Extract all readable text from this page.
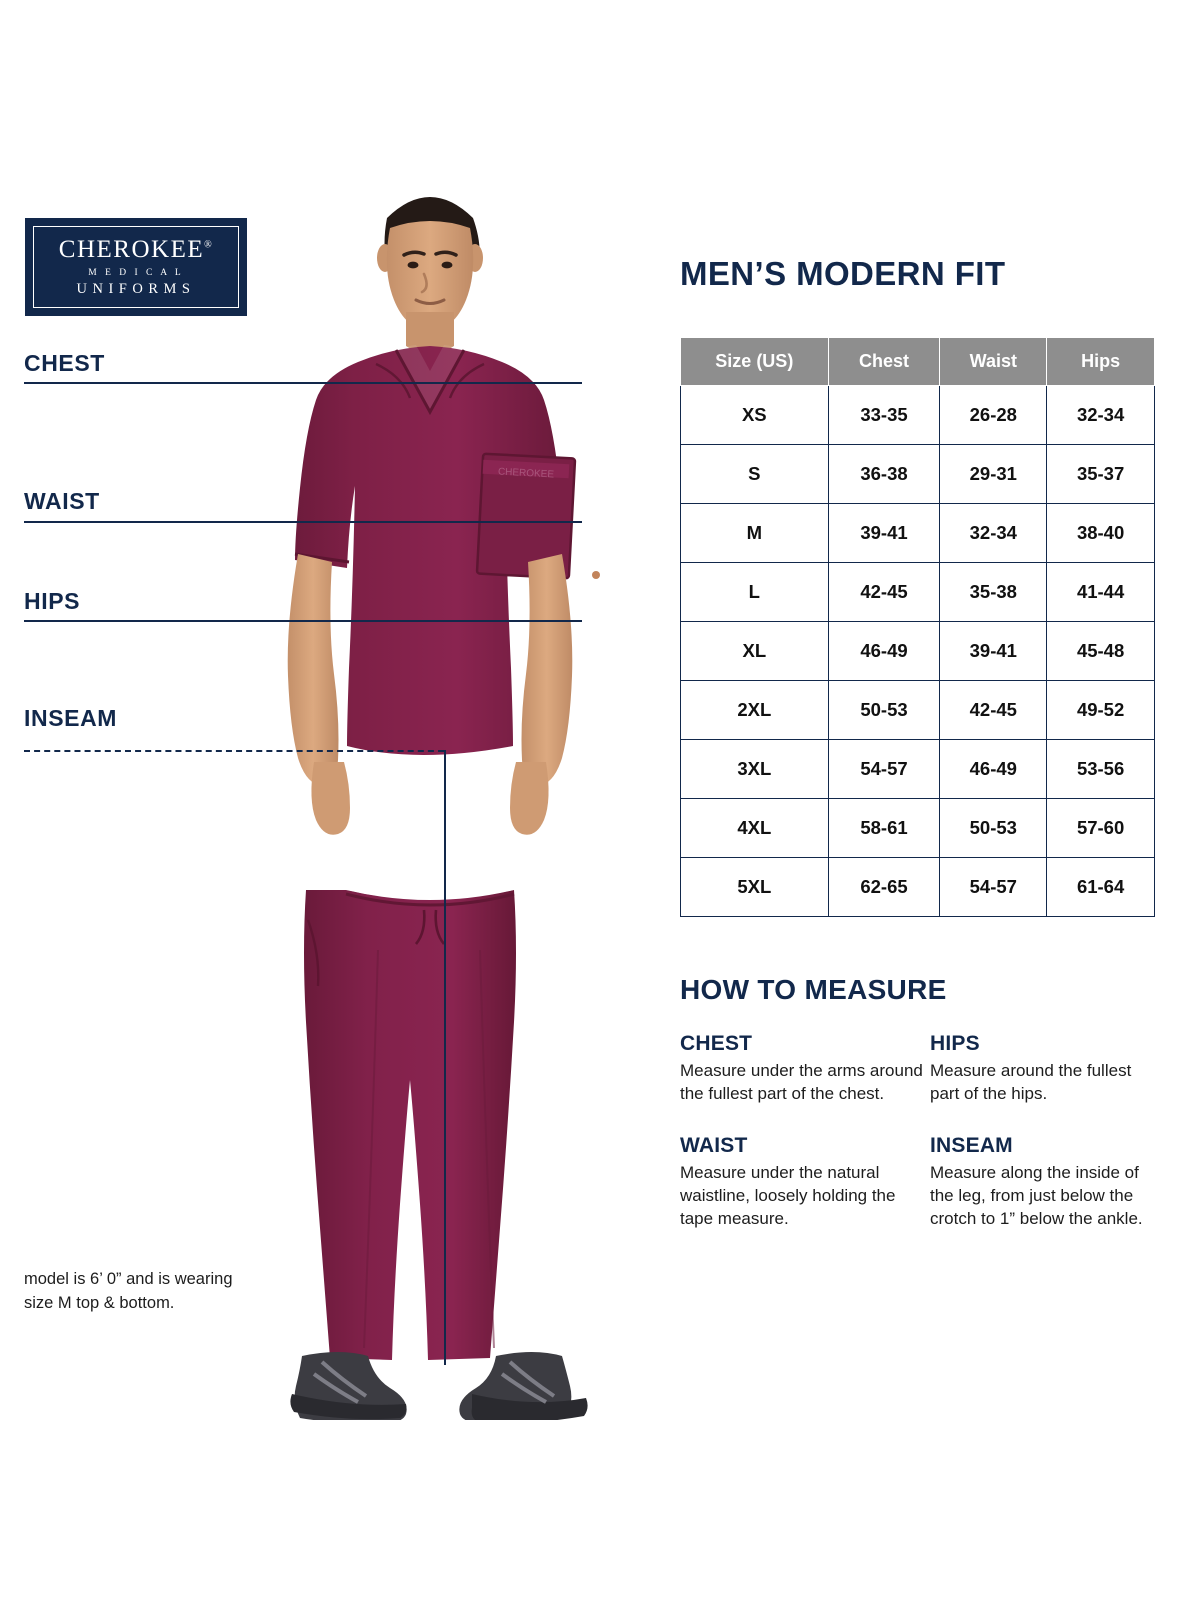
CHEROKEE
CHEROKEE®
M E D I C A L
UNIFORMS
CHEST
WAIST
HIPS
INSEAM
model is 6’ 0” and is wearing size M top & bottom.
MEN’S MODERN FIT
Size (US)	Chest	Waist	Hips
XS	33-35	26-28	32-34
S	36-38	29-31	35-37
M	39-41	32-34	38-40
L	42-45	35-38	41-44
XL	46-49	39-41	45-48
2XL	50-53	42-45	49-52
3XL	54-57	46-49	53-56
4XL	58-61	50-53	57-60
5XL	62-65	54-57	61-64
HOW TO MEASURE
CHEST

Measure under the arms around the fullest part of the chest.

HIPS

Measure around the fullest part of the hips.

WAIST

Measure under the natural waistline, loosely holding the tape measure.

INSEAM

Measure along the inside of the leg, from just below the crotch to 1” below the ankle.
